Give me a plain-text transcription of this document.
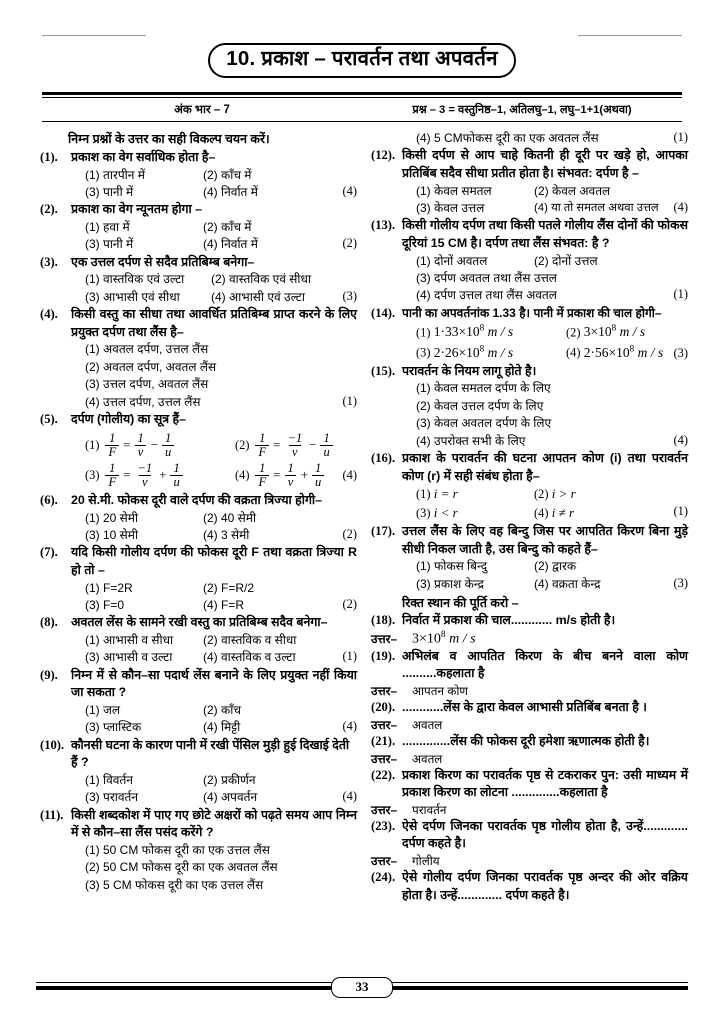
10. प्रकाश – परावर्तन तथा अपवर्तन
अंक भार – 7	प्रश्न – 3 = वस्तुनिष्ठ–1, अतिलघु–1, लघु–1+1(अथवा)

निम्न प्रश्नों के उत्तर का सही विकल्प चयन करें।

(1).	प्रकाश का वेग सर्वाधिक होता है–

(1) तारपीन में	(2) काँच में
(3) पानी में	(4) निर्वात में	(4)
(2).	प्रकाश का वेग न्यूनतम होगा –

(1) हवा में	(2) काँच में
(3) पानी में	(4) निर्वात में	(2)
(3).	एक उत्तल दर्पण से सदैव प्रतिबिम्ब बनेगा–

(1) वास्तविक एवं उल्टा	(2) वास्तविक एवं सीधा
(3) आभासी एवं सीधा	(4) आभासी एवं उल्टा	(3)
(4).	किसी वस्तु का सीधा तथा आवर्धित प्रतिबिम्ब प्राप्त करने के लिए प्रयुक्त दर्पण तथा लैंस है–

(1) अवतल दर्पण, उत्तल लैंस
(2) अवतल दर्पण, अवतल लैंस
(3) उत्तल दर्पण, अवतल लैंस
(4) उत्तल दर्पण, उत्तल लैंस	(1)
(5).	दर्पण (गोलीय) का सूत्र हैं–

$(1) \frac{1}{F} = \frac{1}{v} - \frac{1}{u}$	$(2) \frac{1}{F} = \frac{-1}{v} - \frac{1}{u}$
$(3) \frac{1}{F} = \frac{-1}{v} + \frac{1}{u}$	$(4) \frac{1}{F} = \frac{1}{v} + \frac{1}{u}$	(4)
(6).	20 से.मी. फोकस दूरी वाले दर्पण की वक्रता त्रिज्या होगी–

(1) 20 सेमी	(2) 40 सेमी
(3) 10 सेमी	(4) 3 सेमी	(2)
(7).	यदि किसी गोलीय दर्पण की फोकस दूरी F तथा वक्रता त्रिज्या R हो तो –

(1) F=2R	(2) F=R/2
(3) F=0	(4) F=R	(2)
(8).	अवतल लेंस के सामने रखी वस्तु का प्रतिबिम्ब सदैव बनेगा–

(1) आभासी व सीधा	(2) वास्तविक व सीधा
(3) आभासी व उल्टा	(4) वास्तविक व उल्टा	(1)
(9).	निम्न में से कौन–सा पदार्थ लेंस बनाने के लिए प्रयुक्त नहीं किया जा सकता ?

(1) जल	(2) काँच
(3) प्लास्टिक	(4) मिट्टी	(4)
(10). कौनसी घटना के कारण पानी में रखी पेंसिल मुड़ी हुई दिखाई देती हैं ?

(1) विवर्तन	(2) प्रकीर्णन
(3) परावर्तन	(4) अपवर्तन	(4)
(11). किसी शब्दकोश में पाए गए छोटे अक्षरों को पढ़ते समय आप निम्न में से कौन–सा लैंस पसंद करेंगे ?

(1) 50 CM फोकस दूरी का एक उत्तल लैंस
(2) 50 CM फोकस दूरी का एक अवतल लैंस
(3) 5 CM फोकस दूरी का एक उत्तल लैंस
(4) 5 CMफोकस दूरी का एक अवतल लैंस	(1)
(12). किसी दर्पण से आप चाहे कितनी ही दूरी पर खड़े हो, आपका प्रतिबिंब सदैव सीधा प्रतीत होता है। संभवत: दर्पण है –

(1) केवल समतल	(2) केवल अवतल
(3) केवल उत्तल	(4) या तो समतल अथवा उत्तल	(4)
(13). किसी गोलीय दर्पण तथा किसी पतले गोलीय लैंस दोनों की फोकस दूरियां 15 CM है। दर्पण तथा लैंस संभवत: है ?

(1) दोनों अवतल	(2) दोनों उत्तल
(3) दर्पण अवतल तथा लैंस उत्तल
(4) दर्पण उत्तल तथा लैंस अवतल	(1)
(14). पानी का अपवर्तनांक 1.33 है। पानी में प्रकाश की चाल होगी–

(1) $1\cdot 33\times 10^8$ m / s	(2) $3\times 10^8$ m / s
(3) $2\cdot 26\times 10^8$ m / s	(4) $2\cdot 56\times 10^8$ m / s (3)
(15). परावर्तन के नियम लागू होते है।

(1) केवल समतल दर्पण के लिए
(2) केवल उत्तल दर्पण के लिए
(3) केवल अवतल दर्पण के लिए
(4) उपरोक्त सभी के लिए	(4)
(16). प्रकाश के परावर्तन की घटना आपतन कोण (i) तथा परावर्तन कोण (r) में सही संबंध होता है–

(1) i = r	(2) i > r
(3) i < r	(4) i ≠ r	(1)
(17). उत्तल लैंस के लिए वह बिन्दु जिस पर आपतित किरण बिना मुड़े सीधी निकल जाती है, उस बिन्दु को कहते हैं–

(1) फोकस बिन्दु	(2) द्वारक
(3) प्रकाश केन्द्र	(4) वक्रता केन्द्र	(3)
रिक्त स्थान की पूर्ति करो –
(18). निर्वात में प्रकाश की चाल............ m/s होती है।

उत्तर–	$3\times 10^8$ m / s
(19). अभिलंब व आपतित किरण के बीच बनने वाला कोण ..........कहलाता है

उत्तर–	आपतन कोण
(20). ............लेंस के द्वारा केवल आभासी प्रतिबिंब बनता है ।

उत्तर–	अवतल
(21). ..............लेंस की फोकस दूरी हमेशा ऋणात्मक होती है।

उत्तर–	अवतल
(22). प्रकाश किरण का परावर्तक पृष्ठ से टकराकर पुन: उसी माध्यम में प्रकाश किरण का लोटना ..............कहलाता है

उत्तर–	परावर्तन
(23). ऐसे दर्पण जिनका परावर्तक पृष्ठ गोलीय होता है, उन्हें............. दर्पण कहते है।

उत्तर–	गोलीय
(24). ऐसे गोलीय दर्पण जिनका परावर्तक पृष्ठ अन्दर की ओर वक्रिय होता है। उन्हें............. दर्पण कहते है।

33
